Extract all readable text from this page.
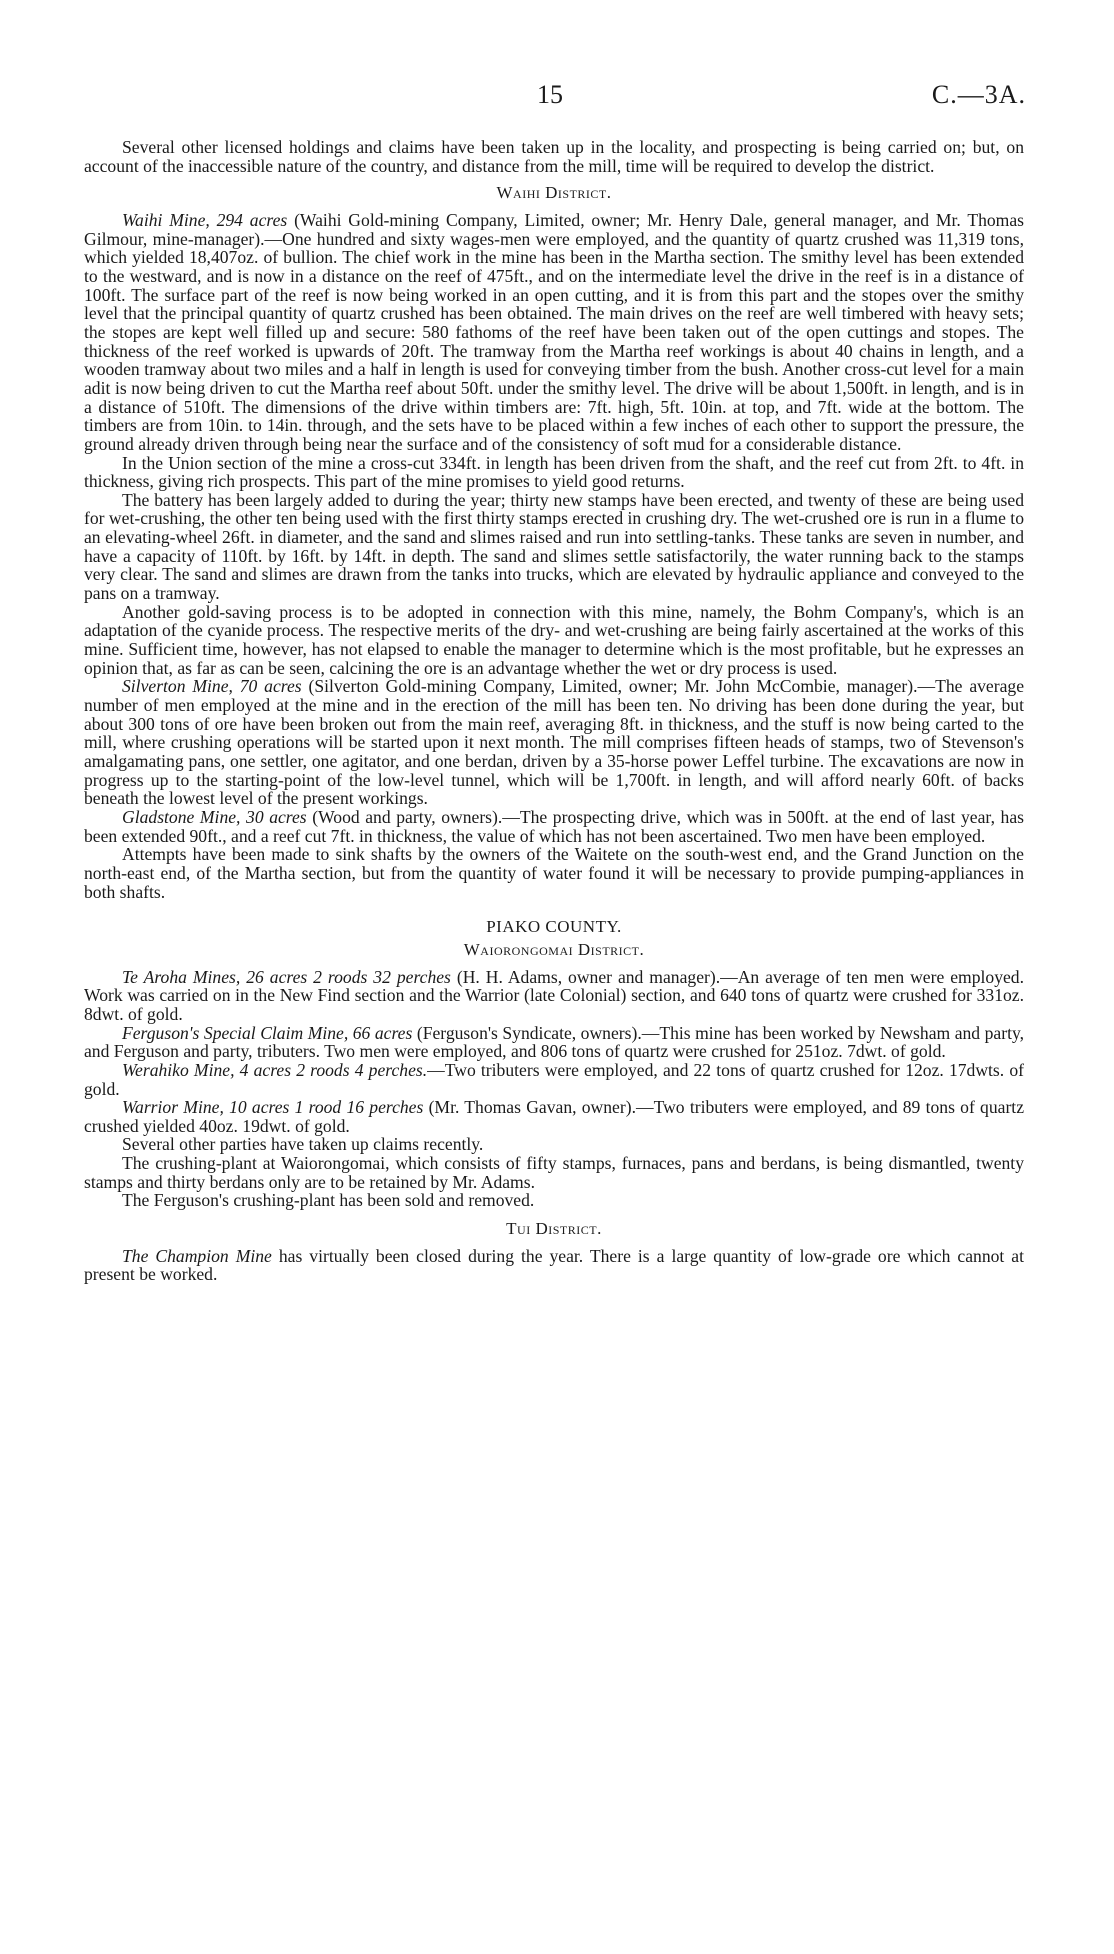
15	C.—3A.

Several other licensed holdings and claims have been taken up in the locality, and prospecting is being carried on; but, on account of the inaccessible nature of the country, and distance from the mill, time will be required to develop the district.

Waihi District.

Waihi Mine, 294 acres (Waihi Gold-mining Company, Limited, owner; Mr. Henry Dale, general manager, and Mr. Thomas Gilmour, mine-manager).—One hundred and sixty wages-men were employed, and the quantity of quartz crushed was 11,319 tons, which yielded 18,407oz. of bullion. The chief work in the mine has been in the Martha section. The smithy level has been extended to the westward, and is now in a distance on the reef of 475ft., and on the intermediate level the drive in the reef is in a distance of 100ft. The surface part of the reef is now being worked in an open cutting, and it is from this part and the stopes over the smithy level that the principal quantity of quartz crushed has been obtained. The main drives on the reef are well timbered with heavy sets; the stopes are kept well filled up and secure: 580 fathoms of the reef have been taken out of the open cuttings and stopes. The thickness of the reef worked is upwards of 20ft. The tramway from the Martha reef workings is about 40 chains in length, and a wooden tramway about two miles and a half in length is used for conveying timber from the bush. Another cross-cut level for a main adit is now being driven to cut the Martha reef about 50ft. under the smithy level. The drive will be about 1,500ft. in length, and is in a distance of 510ft. The dimensions of the drive within timbers are: 7ft. high, 5ft. 10in. at top, and 7ft. wide at the bottom. The timbers are from 10in. to 14in. through, and the sets have to be placed within a few inches of each other to support the pressure, the ground already driven through being near the surface and of the consistency of soft mud for a considerable distance.

In the Union section of the mine a cross-cut 334ft. in length has been driven from the shaft, and the reef cut from 2ft. to 4ft. in thickness, giving rich prospects. This part of the mine promises to yield good returns.

The battery has been largely added to during the year; thirty new stamps have been erected, and twenty of these are being used for wet-crushing, the other ten being used with the first thirty stamps erected in crushing dry. The wet-crushed ore is run in a flume to an elevating-wheel 26ft. in diameter, and the sand and slimes raised and run into settling-tanks. These tanks are seven in number, and have a capacity of 110ft. by 16ft. by 14ft. in depth. The sand and slimes settle satisfactorily, the water running back to the stamps very clear. The sand and slimes are drawn from the tanks into trucks, which are elevated by hydraulic appliance and conveyed to the pans on a tramway.

Another gold-saving process is to be adopted in connection with this mine, namely, the Bohm Company's, which is an adaptation of the cyanide process. The respective merits of the dry- and wet-crushing are being fairly ascertained at the works of this mine. Sufficient time, however, has not elapsed to enable the manager to determine which is the most profitable, but he expresses an opinion that, as far as can be seen, calcining the ore is an advantage whether the wet or dry process is used.

Silverton Mine, 70 acres (Silverton Gold-mining Company, Limited, owner; Mr. John McCombie, manager).—The average number of men employed at the mine and in the erection of the mill has been ten. No driving has been done during the year, but about 300 tons of ore have been broken out from the main reef, averaging 8ft. in thickness, and the stuff is now being carted to the mill, where crushing operations will be started upon it next month. The mill comprises fifteen heads of stamps, two of Stevenson's amalgamating pans, one settler, one agitator, and one berdan, driven by a 35-horse power Leffel turbine. The excavations are now in progress up to the starting-point of the low-level tunnel, which will be 1,700ft. in length, and will afford nearly 60ft. of backs beneath the lowest level of the present workings.

Gladstone Mine, 30 acres (Wood and party, owners).—The prospecting drive, which was in 500ft. at the end of last year, has been extended 90ft., and a reef cut 7ft. in thickness, the value of which has not been ascertained. Two men have been employed.

Attempts have been made to sink shafts by the owners of the Waitete on the south-west end, and the Grand Junction on the north-east end, of the Martha section, but from the quantity of water found it will be necessary to provide pumping-appliances in both shafts.

PIAKO COUNTY.
Waiorongomai District.

Te Aroha Mines, 26 acres 2 roods 32 perches (H. H. Adams, owner and manager).—An average of ten men were employed. Work was carried on in the New Find section and the Warrior (late Colonial) section, and 640 tons of quartz were crushed for 331oz. 8dwt. of gold.

Ferguson's Special Claim Mine, 66 acres (Ferguson's Syndicate, owners).—This mine has been worked by Newsham and party, and Ferguson and party, tributers. Two men were employed, and 806 tons of quartz were crushed for 251oz. 7dwt. of gold.

Werahiko Mine, 4 acres 2 roods 4 perches.—Two tributers were employed, and 22 tons of quartz crushed for 12oz. 17dwts. of gold.

Warrior Mine, 10 acres 1 rood 16 perches (Mr. Thomas Gavan, owner).—Two tributers were employed, and 89 tons of quartz crushed yielded 40oz. 19dwt. of gold.

Several other parties have taken up claims recently.

The crushing-plant at Waiorongomai, which consists of fifty stamps, furnaces, pans and berdans, is being dismantled, twenty stamps and thirty berdans only are to be retained by Mr. Adams.

The Ferguson's crushing-plant has been sold and removed.

Tui District.

The Champion Mine has virtually been closed during the year. There is a large quantity of low-grade ore which cannot at present be worked.
